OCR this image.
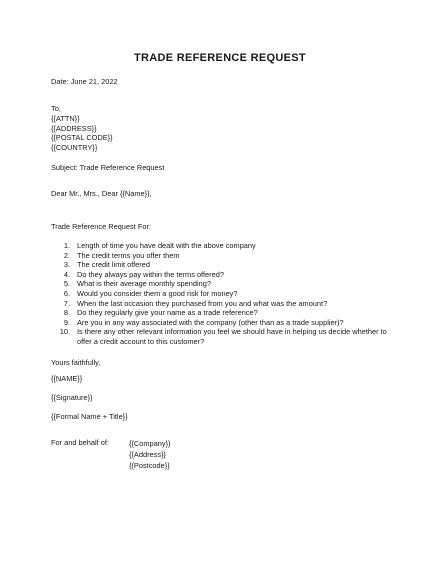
TRADE REFERENCE REQUEST
Date: June 21, 2022
To,
{{ATTN}}
{{ADDRESS}}
{{POSTAL CODE}}
{{COUNTRY}}
Subject: Trade Reference Request
Dear Mr., Mrs., Dear {{Name}},
Trade Reference Request For:
1. Length of time you have dealt with the above company
2. The credit terms you offer them
3. The credit limit offered
4. Do they always pay within the terms offered?
5. What is their average monthly spending?
6. Would you consider them a good risk for money?
7. When the last occasion they purchased from you and what was the amount?
8. Do they regularly give your name as a trade reference?
9. Are you in any way associated with the company (other than as a trade supplier)?
10. Is there any other relevant information you feel we should have in helping us decide whether to offer a credit account to this customer?
Yours faithfully,
{{NAME}}
{{Signature}}
{{Formal Name + Title}}
For and behalf of:	{{Company}}
{{Address}}
{{Postcode}}
